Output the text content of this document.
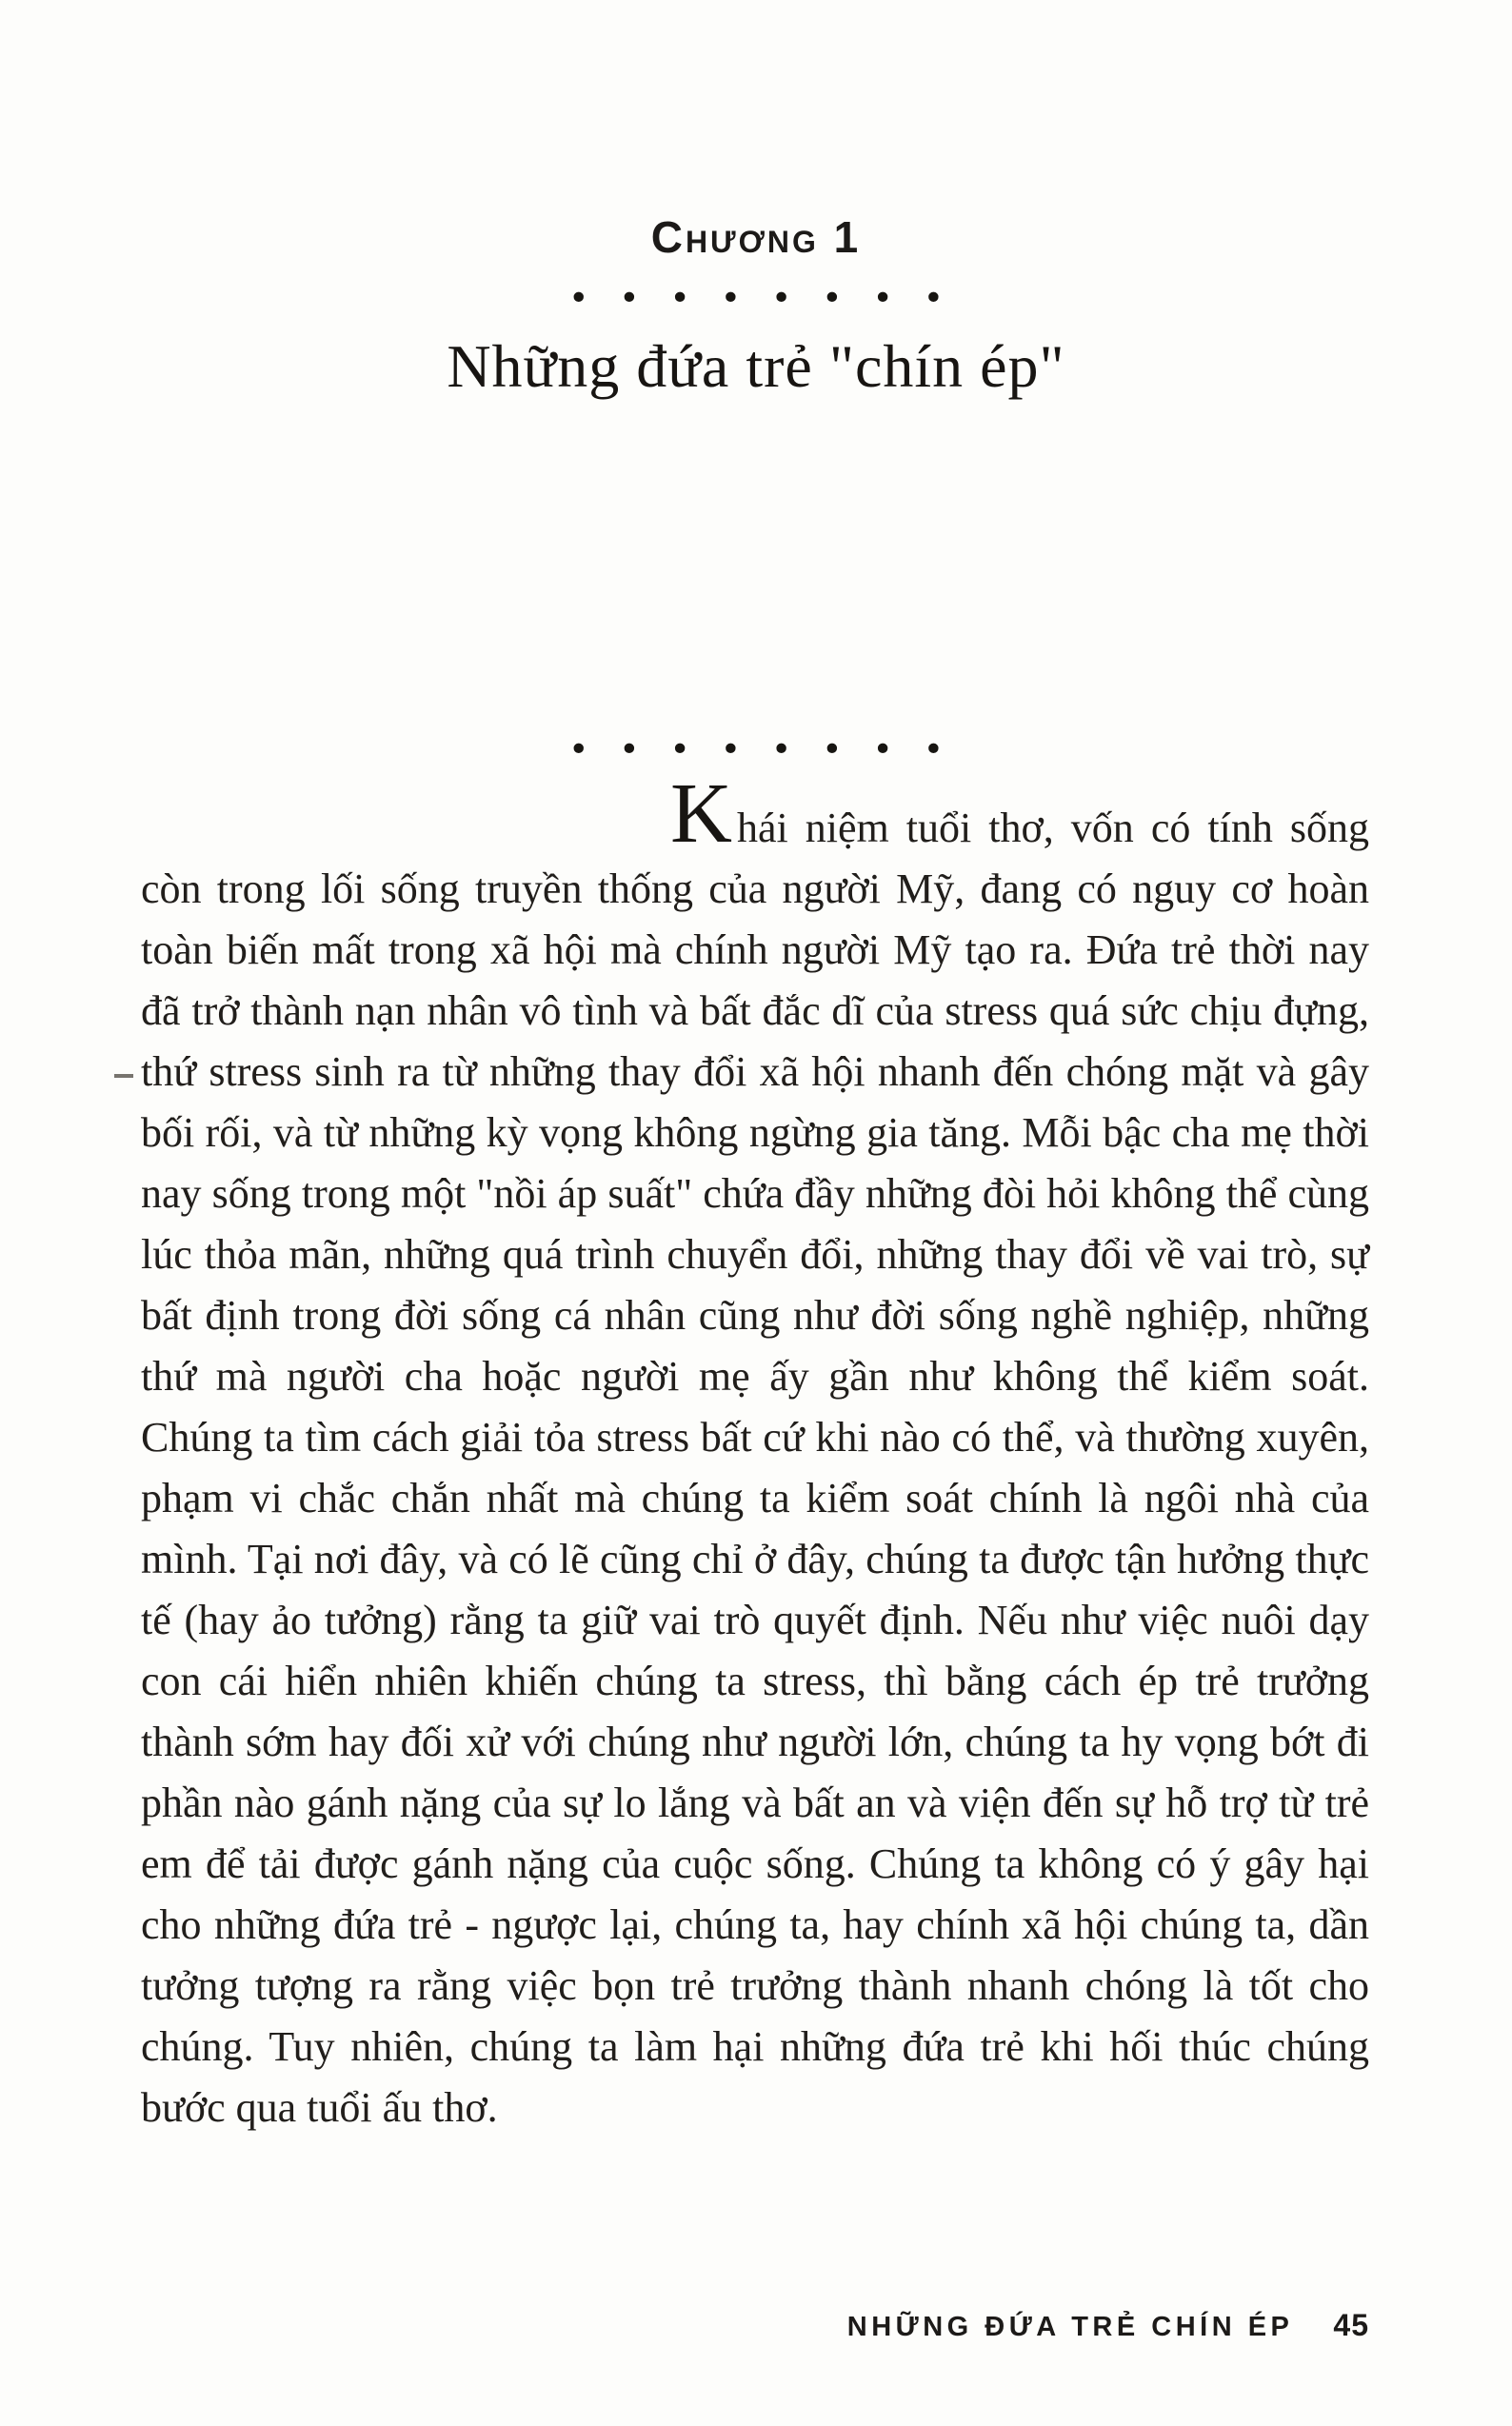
Chương 1
••••••••
Những đứa trẻ "chín ép"
••••••••

Khái niệm tuổi thơ, vốn có tính sống còn trong lối sống truyền thống của người Mỹ, đang có nguy cơ hoàn toàn biến mất trong xã hội mà chính người Mỹ tạo ra. Đứa trẻ thời nay đã trở thành nạn nhân vô tình và bất đắc dĩ của stress quá sức chịu đựng, thứ stress sinh ra từ những thay đổi xã hội nhanh đến chóng mặt và gây bối rối, và từ những kỳ vọng không ngừng gia tăng. Mỗi bậc cha mẹ thời nay sống trong một "nồi áp suất" chứa đầy những đòi hỏi không thể cùng lúc thỏa mãn, những quá trình chuyển đổi, những thay đổi về vai trò, sự bất định trong đời sống cá nhân cũng như đời sống nghề nghiệp, những thứ mà người cha hoặc người mẹ ấy gần như không thể kiểm soát. Chúng ta tìm cách giải tỏa stress bất cứ khi nào có thể, và thường xuyên, phạm vi chắc chắn nhất mà chúng ta kiểm soát chính là ngôi nhà của mình. Tại nơi đây, và có lẽ cũng chỉ ở đây, chúng ta được tận hưởng thực tế (hay ảo tưởng) rằng ta giữ vai trò quyết định. Nếu như việc nuôi dạy con cái hiển nhiên khiến chúng ta stress, thì bằng cách ép trẻ trưởng thành sớm hay đối xử với chúng như người lớn, chúng ta hy vọng bớt đi phần nào gánh nặng của sự lo lắng và bất an và viện đến sự hỗ trợ từ trẻ em để tải được gánh nặng của cuộc sống. Chúng ta không có ý gây hại cho những đứa trẻ - ngược lại, chúng ta, hay chính xã hội chúng ta, dần tưởng tượng ra rằng việc bọn trẻ trưởng thành nhanh chóng là tốt cho chúng. Tuy nhiên, chúng ta làm hại những đứa trẻ khi hối thúc chúng bước qua tuổi ấu thơ.

NHỮNG ĐỨA TRẺ CHÍN ÉP 45
